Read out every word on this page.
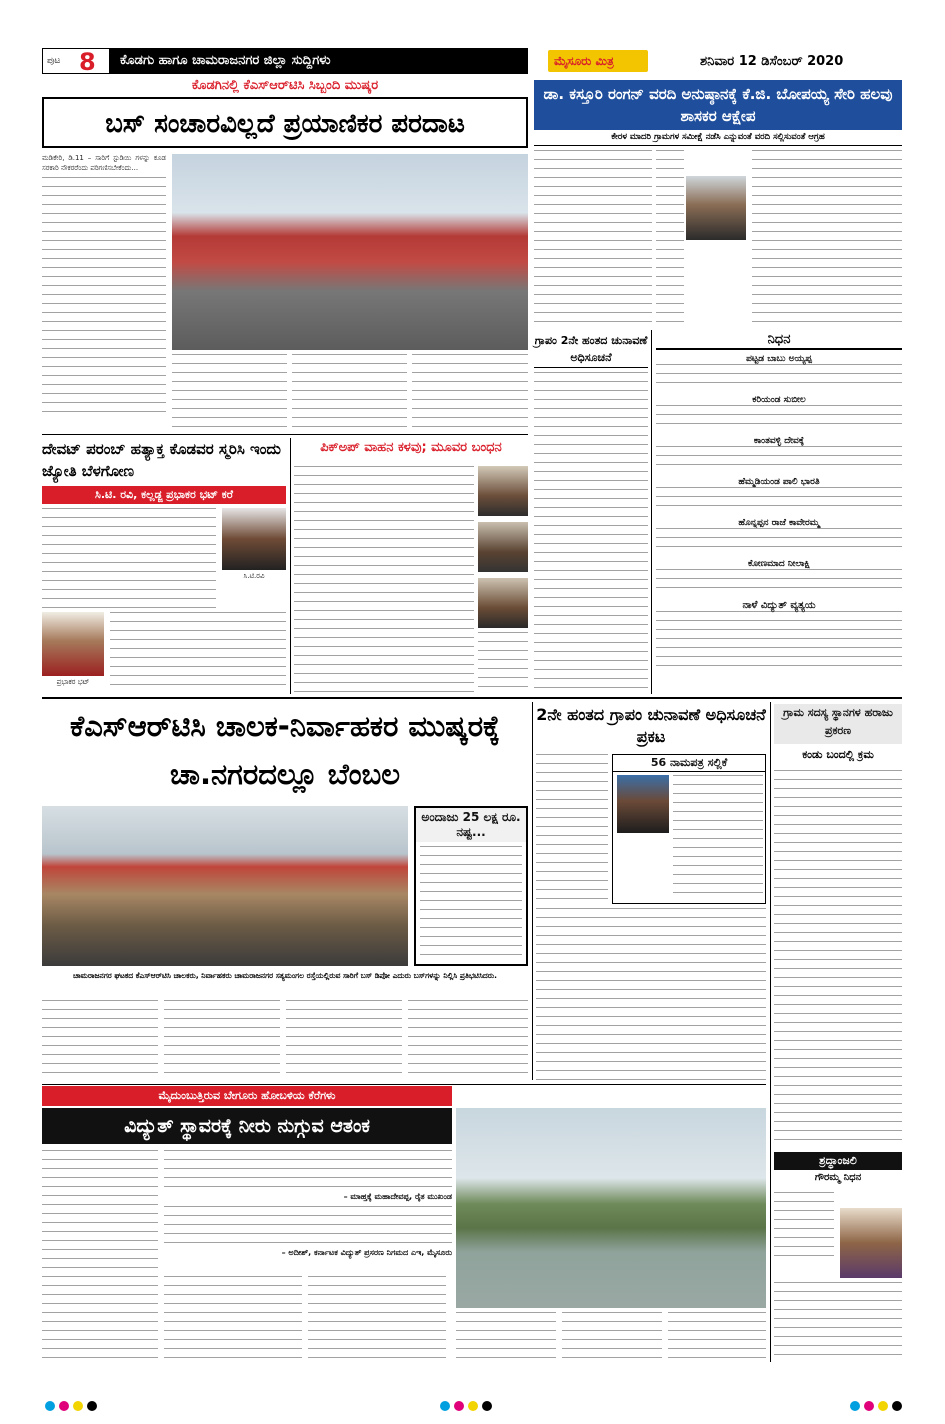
ಪುಟ 8 ಕೊಡಗು ಹಾಗೂ ಚಾಮರಾಜನಗರ ಜಿಲ್ಲಾ ಸುದ್ದಿಗಳು	ಮೈಸೂರು ಮಿತ್ರ	ಶನಿವಾರ 12 ಡಿಸೆಂಬರ್ 2020
ಕೊಡಗಿನಲ್ಲಿ ಕೆಎಸ್‌ಆರ್‌ಟಿಸಿ ಸಿಬ್ಬಂದಿ ಮುಷ್ಕರ
ಬಸ್ ಸಂಚಾರವಿಲ್ಲದೆ ಪ್ರಯಾಣಿಕರ ಪರದಾಟ
ಮಡಿಕೇರಿ, ಡಿ.11 – ಸಾರಿಗೆ ಸ್ಟುಡಿಯಿ ಗಳನ್ನು ಕೂಡ ಸರಕಾರಿ ನೌಕರರೆಂದು ಪರಿಗಣಿಸಬೇಕೆಂದು...
ಡಾ. ಕಸ್ತೂರಿ ರಂಗನ್ ವರದಿ ಅನುಷ್ಠಾನಕ್ಕೆ ಕೆ.ಜಿ. ಬೋಪಯ್ಯ ಸೇರಿ ಹಲವು ಶಾಸಕರ ಆಕ್ಷೇಪ
ಕೇರಳ ಮಾದರಿ ಗ್ರಾಮಗಳ ಸಮೀಕ್ಷೆ ನಡೆಸಿ ಎನ್ನುವಂತೆ ವರದಿ ಸಲ್ಲಿಸುವಂತೆ ಆಗ್ರಹ
ಗ್ರಾಪಂ 2ನೇ ಹಂತದ ಚುನಾವಣೆ ಅಧಿಸೂಚನೆ
ನಿಧನ
ಪಟ್ಟಡ ಬಾಬು ಅಯ್ಯಪ್ಪ
ಕರಿಯಂಡ ಸುಬೀಲ
ಕಾಂತವಳ್ಳಿ ದೇವಕ್ಕೆ
ಹೆಮ್ಮಡಿಯಂಡ ಪಾಲಿ ಭಾರತಿ
ಹೊನ್ನಪ್ಪನ ರಾಜೆ ಕಾವೇರಮ್ಮ
ಕೋಣಮಾದ ನೀಲಾಕ್ಷಿ
ನಾಳೆ ವಿದ್ಯುತ್ ವ್ಯತ್ಯಯ
ದೇವಟ್ ಪರಂಬ್ ಹತ್ಯಾಕ್ತ ಕೊಡವರ ಸ್ಮರಿಸಿ ಇಂದು ಜ್ಯೋತಿ ಬೆಳಗೋಣ
ಸಿ.ಟಿ. ರವಿ, ಕಲ್ಲಡ್ಜ ಪ್ರಭಾಕರ ಭಟ್ ಕರೆ
ಸಿ.ಟಿ.ರವಿ
ಪ್ರಭಾಕರ ಭಟ್
ಪಿಕ್‌ಅಪ್ ವಾಹನ ಕಳವು; ಮೂವರ ಬಂಧನ
ಕೆಎಸ್‌ಆರ್‌ಟಿಸಿ ಚಾಲಕ-ನಿರ್ವಾಹಕರ ಮುಷ್ಕರಕ್ಕೆ ಚಾ.ನಗರದಲ್ಲೂ ಬೆಂಬಲ
ಅಂದಾಜು 25 ಲಕ್ಷ ರೂ. ನಷ್ಟ...
ಚಾಮರಾಜನಗರ ಘಟಕದ ಕೆಎಸ್‌ಆರ್‌ಟಿಸಿ ಚಾಲಕರು, ನಿರ್ವಾಹಕರು ಚಾಮರಾಜನಗರ ಸತ್ಯಮಂಗಲ ರಸ್ತೆಯಲ್ಲಿರುವ ಸಾರಿಗೆ ಬಸ್ ಡಿಪೋ ಎದುರು ಬಸ್‌ಗಳನ್ನು ನಿಲ್ಲಿಸಿ ಪ್ರತಿಭಟಿಸಿದರು.
2ನೇ ಹಂತದ ಗ್ರಾಪಂ ಚುನಾವಣೆ ಅಧಿಸೂಚನೆ ಪ್ರಕಟ
56 ನಾಮಪತ್ರ ಸಲ್ಲಿಕೆ
ಗ್ರಾಮ ಸದಸ್ಯ ಸ್ಥಾನಗಳ ಹರಾಜು ಪ್ರಕರಣ
ಕಂಡು ಬಂದಲ್ಲಿ ಕ್ರಮ
ಶ್ರದ್ಧಾಂಜಲಿ
ಗೌರಮ್ಮ ನಿಧನ
ಮೈದುಂಬುತ್ತಿರುವ ಬೇಗೂರು ಹೋಬಳಿಯ ಕೆರೆಗಳು
ವಿದ್ಯುತ್ ಸ್ಥಾವರಕ್ಕೆ ನೀರು ನುಗ್ಗುವ ಆತಂಕ
– ಮಾಹ್ತಕ್ಕೆ ಮಹಾದೇವಪ್ಪ, ರೈತ ಮುಖಂಡ
– ಅದೀಶ್, ಕರ್ನಾಟಕ ವಿದ್ಯುತ್ ಪ್ರಸರಣ ನಿಗಮದ ಎಇ, ಮೈಸೂರು
